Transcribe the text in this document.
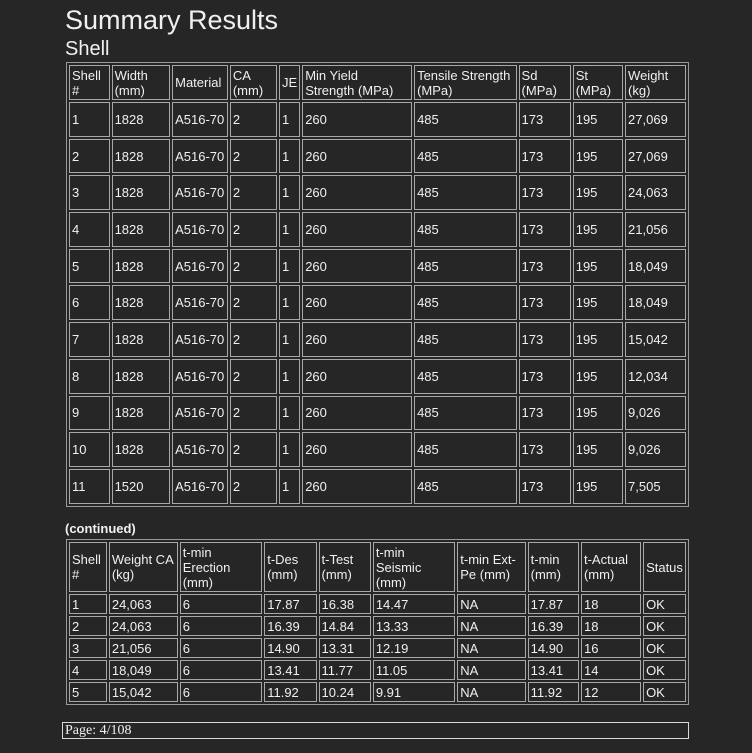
Summary Results
Shell
Shell #	Width (mm)	Material	CA (mm)	JE	Min Yield Strength (MPa)	Tensile Strength (MPa)	Sd (MPa)	St (MPa)	Weight (kg)
1	1828	A516-70	2	1	260	485	173	195	27,069
2	1828	A516-70	2	1	260	485	173	195	27,069
3	1828	A516-70	2	1	260	485	173	195	24,063
4	1828	A516-70	2	1	260	485	173	195	21,056
5	1828	A516-70	2	1	260	485	173	195	18,049
6	1828	A516-70	2	1	260	485	173	195	18,049
7	1828	A516-70	2	1	260	485	173	195	15,042
8	1828	A516-70	2	1	260	485	173	195	12,034
9	1828	A516-70	2	1	260	485	173	195	9,026
10	1828	A516-70	2	1	260	485	173	195	9,026
11	1520	A516-70	2	1	260	485	173	195	7,505
(continued)
Shell #	Weight CA (kg)	t-min Erection (mm)	t-Des (mm)	t-Test (mm)	t-min Seismic (mm)	t-min Ext-Pe (mm)	t-min (mm)	t-Actual (mm)	Status
1	24,063	6	17.87	16.38	14.47	NA	17.87	18	OK
2	24,063	6	16.39	14.84	13.33	NA	16.39	18	OK
3	21,056	6	14.90	13.31	12.19	NA	14.90	16	OK
4	18,049	6	13.41	11.77	11.05	NA	13.41	14	OK
5	15,042	6	11.92	10.24	9.91	NA	11.92	12	OK
Page: 4/108
